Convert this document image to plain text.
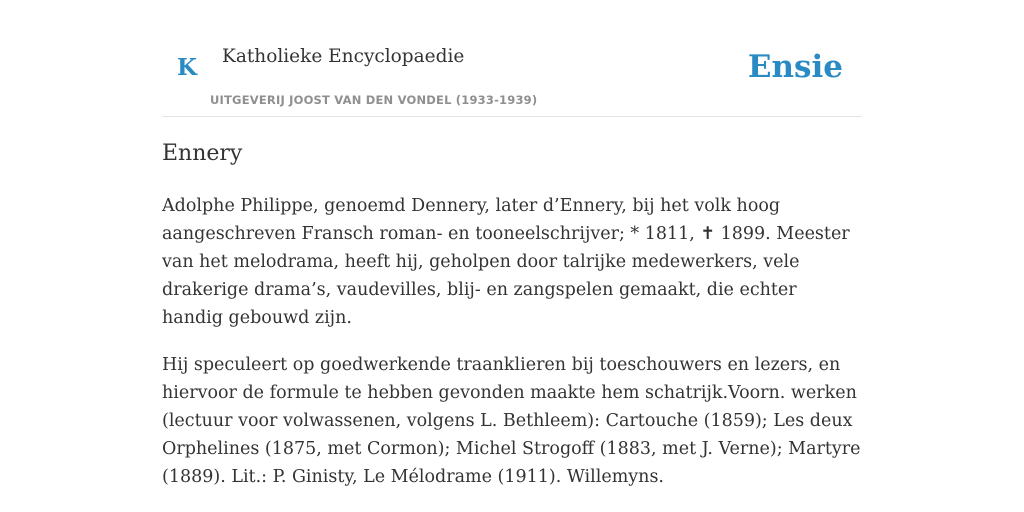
K Katholieke Encyclopaedie
UITGEVERIJ JOOST VAN DEN VONDEL (1933-1939)
Ensie
Ennery

Adolphe Philippe, genoemd Dennery, later d’Ennery, bij het volk hoog aangeschreven Fransch roman- en tooneelschrijver; * 1811, ✝ 1899. Meester van het melodrama, heeft hij, geholpen door talrijke medewerkers, vele drakerige drama’s, vaudevilles, blij- en zangspelen gemaakt, die echter handig gebouwd zijn.

Hij speculeert op goedwerkende traanklieren bij toeschouwers en lezers, en hiervoor de formule te hebben gevonden maakte hem schatrijk.Voorn. werken (lectuur voor volwassenen, volgens L. Bethleem): Cartouche (1859); Les deux Orphelines (1875, met Cormon); Michel Strogoff (1883, met J. Verne); Martyre (1889). Lit.: P. Ginisty, Le Mélodrame (1911). Willemyns.
